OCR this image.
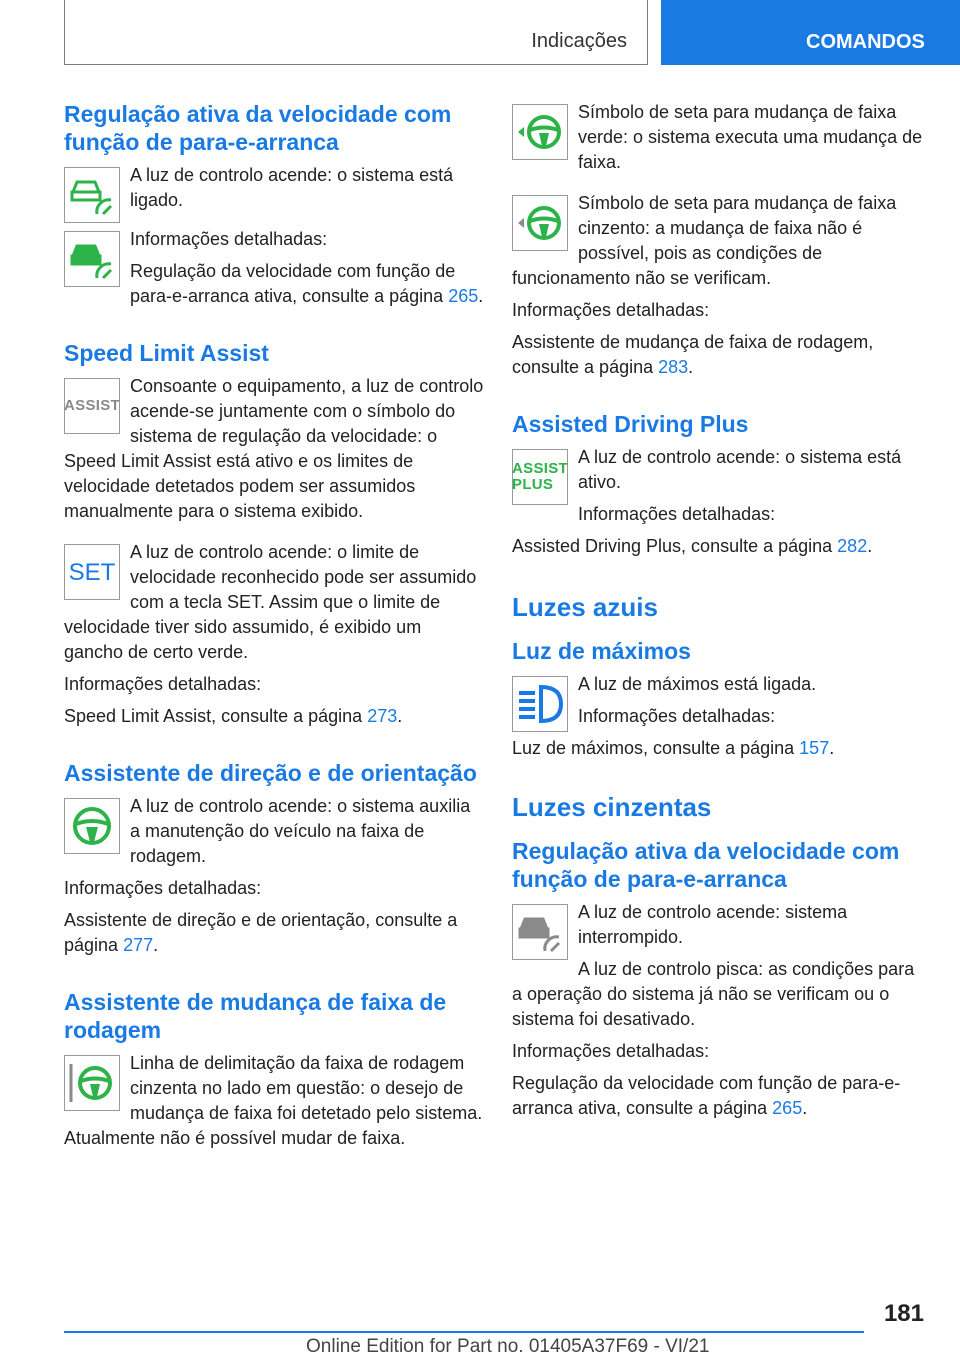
Indicações	COMANDOS
Regulação ativa da velocidade com função de para-e-arranca

A luz de controlo acende: o sistema está ligado.

Informações detalhadas:

Regulação da velocidade com função de para-e-arranca ativa, consulte a página 265.

Speed Limit Assist
ASSIST

Consoante o equipamento, a luz de controlo acende-se juntamente com o símbolo do sistema de regulação da velocidade: o Speed Limit Assist está ativo e os limites de velocidade detetados podem ser assumidos manualmente para o sistema exibido.

SET

A luz de controlo acende: o limite de velocidade reconhecido pode ser assumido com a tecla SET. Assim que o limite de velocidade tiver sido assumido, é exibido um gancho de certo verde.

Informações detalhadas:

Speed Limit Assist, consulte a página 273.

Assistente de direção e de orientação

A luz de controlo acende: o sistema auxilia a manutenção do veículo na faixa de rodagem.

Informações detalhadas:

Assistente de direção e de orientação, consulte a página 277.

Assistente de mudança de faixa de rodagem

Linha de delimitação da faixa de rodagem cinzenta no lado em questão: o desejo de mudança de faixa foi detetado pelo sistema. Atualmente não é possível mudar de faixa.

Símbolo de seta para mudança de faixa verde: o sistema executa uma mudança de faixa.

Símbolo de seta para mudança de faixa cinzento: a mudança de faixa não é possível, pois as condições de funcionamento não se verificam.

Informações detalhadas:

Assistente de mudança de faixa de rodagem, consulte a página 283.

Assisted Driving Plus
ASSIST
PLUS

A luz de controlo acende: o sistema está ativo.

Informações detalhadas:

Assisted Driving Plus, consulte a página 282.

Luzes azuis
Luz de máximos

A luz de máximos está ligada.

Informações detalhadas:

Luz de máximos, consulte a página 157.

Luzes cinzentas
Regulação ativa da velocidade com função de para-e-arranca

A luz de controlo acende: sistema interrompido.

A luz de controlo pisca: as condições para a operação do sistema já não se verificam ou o sistema foi desativado.

Informações detalhadas:

Regulação da velocidade com função de para-e-arranca ativa, consulte a página 265.

181
Online Edition for Part no. 01405A37F69 - VI/21
